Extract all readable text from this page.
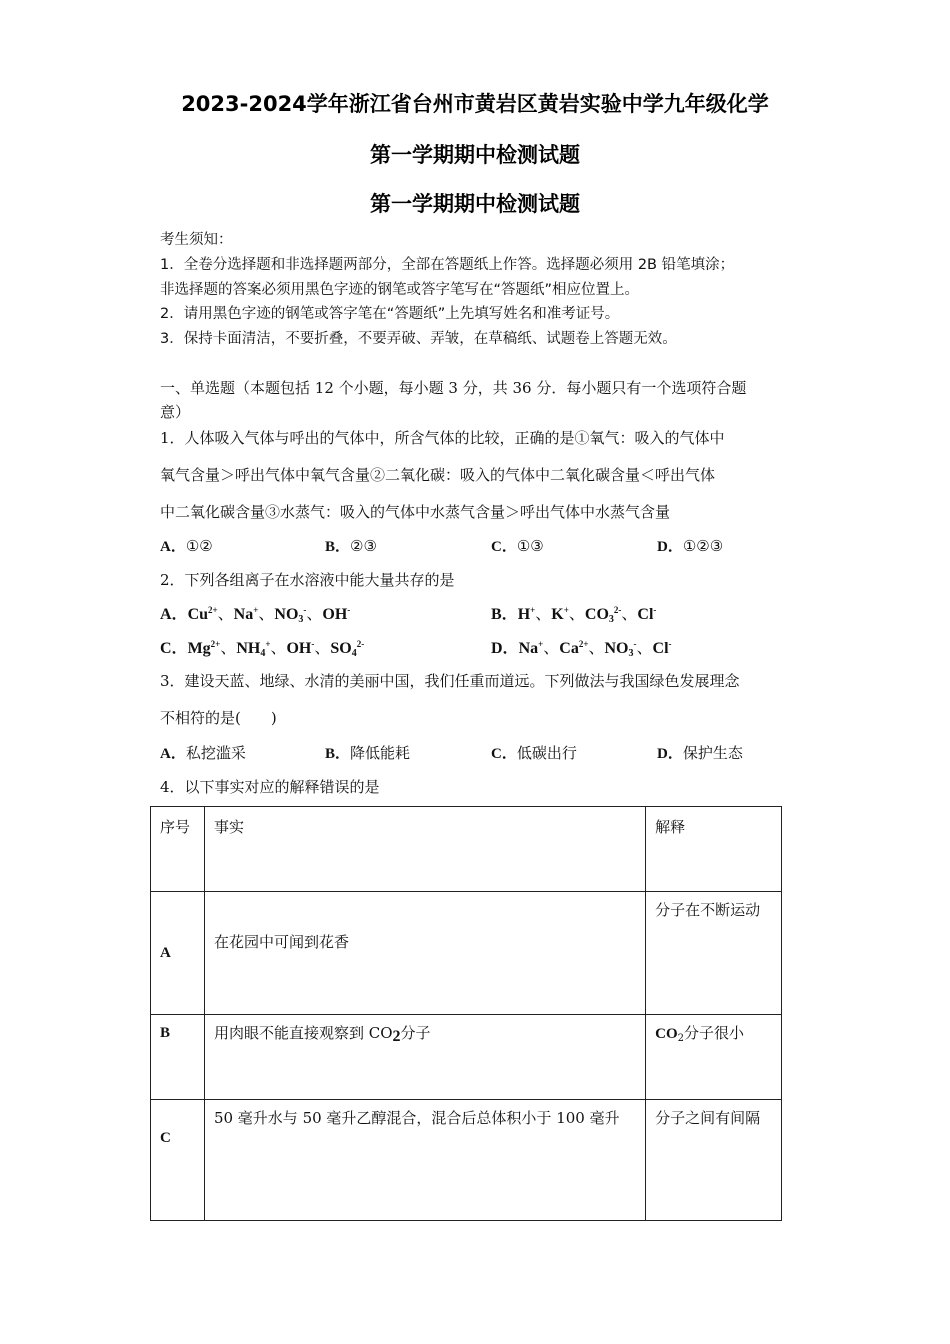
2023-2024学年浙江省台州市黄岩区黄岩实验中学九年级化学
第一学期期中检测试题
第一学期期中检测试题
考生须知：
1．全卷分选择题和非选择题两部分，全部在答题纸上作答。选择题必须用 2B 铅笔填涂；
非选择题的答案必须用黑色字迹的钢笔或答字笔写在“答题纸”相应位置上。
2．请用黑色字迹的钢笔或答字笔在“答题纸”上先填写姓名和准考证号。
3．保持卡面清洁，不要折叠，不要弄破、弄皱，在草稿纸、试题卷上答题无效。
一、单选题（本题包括 12 个小题，每小题 3 分，共 36 分．每小题只有一个选项符合题
意）
1．人体吸入气体与呼出的气体中，所含气体的比较，正确的是①氧气：吸入的气体中
氧气含量＞呼出气体中氧气含量②二氧化碳：吸入的气体中二氧化碳含量＜呼出气体
中二氧化碳含量③水蒸气：吸入的气体中水蒸气含量＞呼出气体中水蒸气含量
A．①②	B．②③	C．①③	D．①②③
2．下列各组离子在水溶液中能大量共存的是
A．$Cu^{2+}$、Na+、$NO_3^-$、OH-	B．H+、K+、$CO_3^{2-}$、Cl-
C．$Mg^{2+}$、$NH_4^+$、OH-、$SO_4^{2-}$	D．Na+、$Ca^{2+}$、$NO_3^-$、Cl-
3．建设天蓝、地绿、水清的美丽中国，我们任重而道远。下列做法与我国绿色发展理念
不相符的是(　　)
A．私挖滥采	B．降低能耗	C．低碳出行	D．保护生态
4．以下事实对应的解释错误的是
序号	事实	解释

A	在花园中可闻到花香	分子在不断运动

B	用肉眼不能直接观察到 $CO_2$分子	$CO_2$分子很小

C	50 毫升水与 50 毫升乙醇混合，混合后总体积小于 100 毫升	分子之间有间隔
